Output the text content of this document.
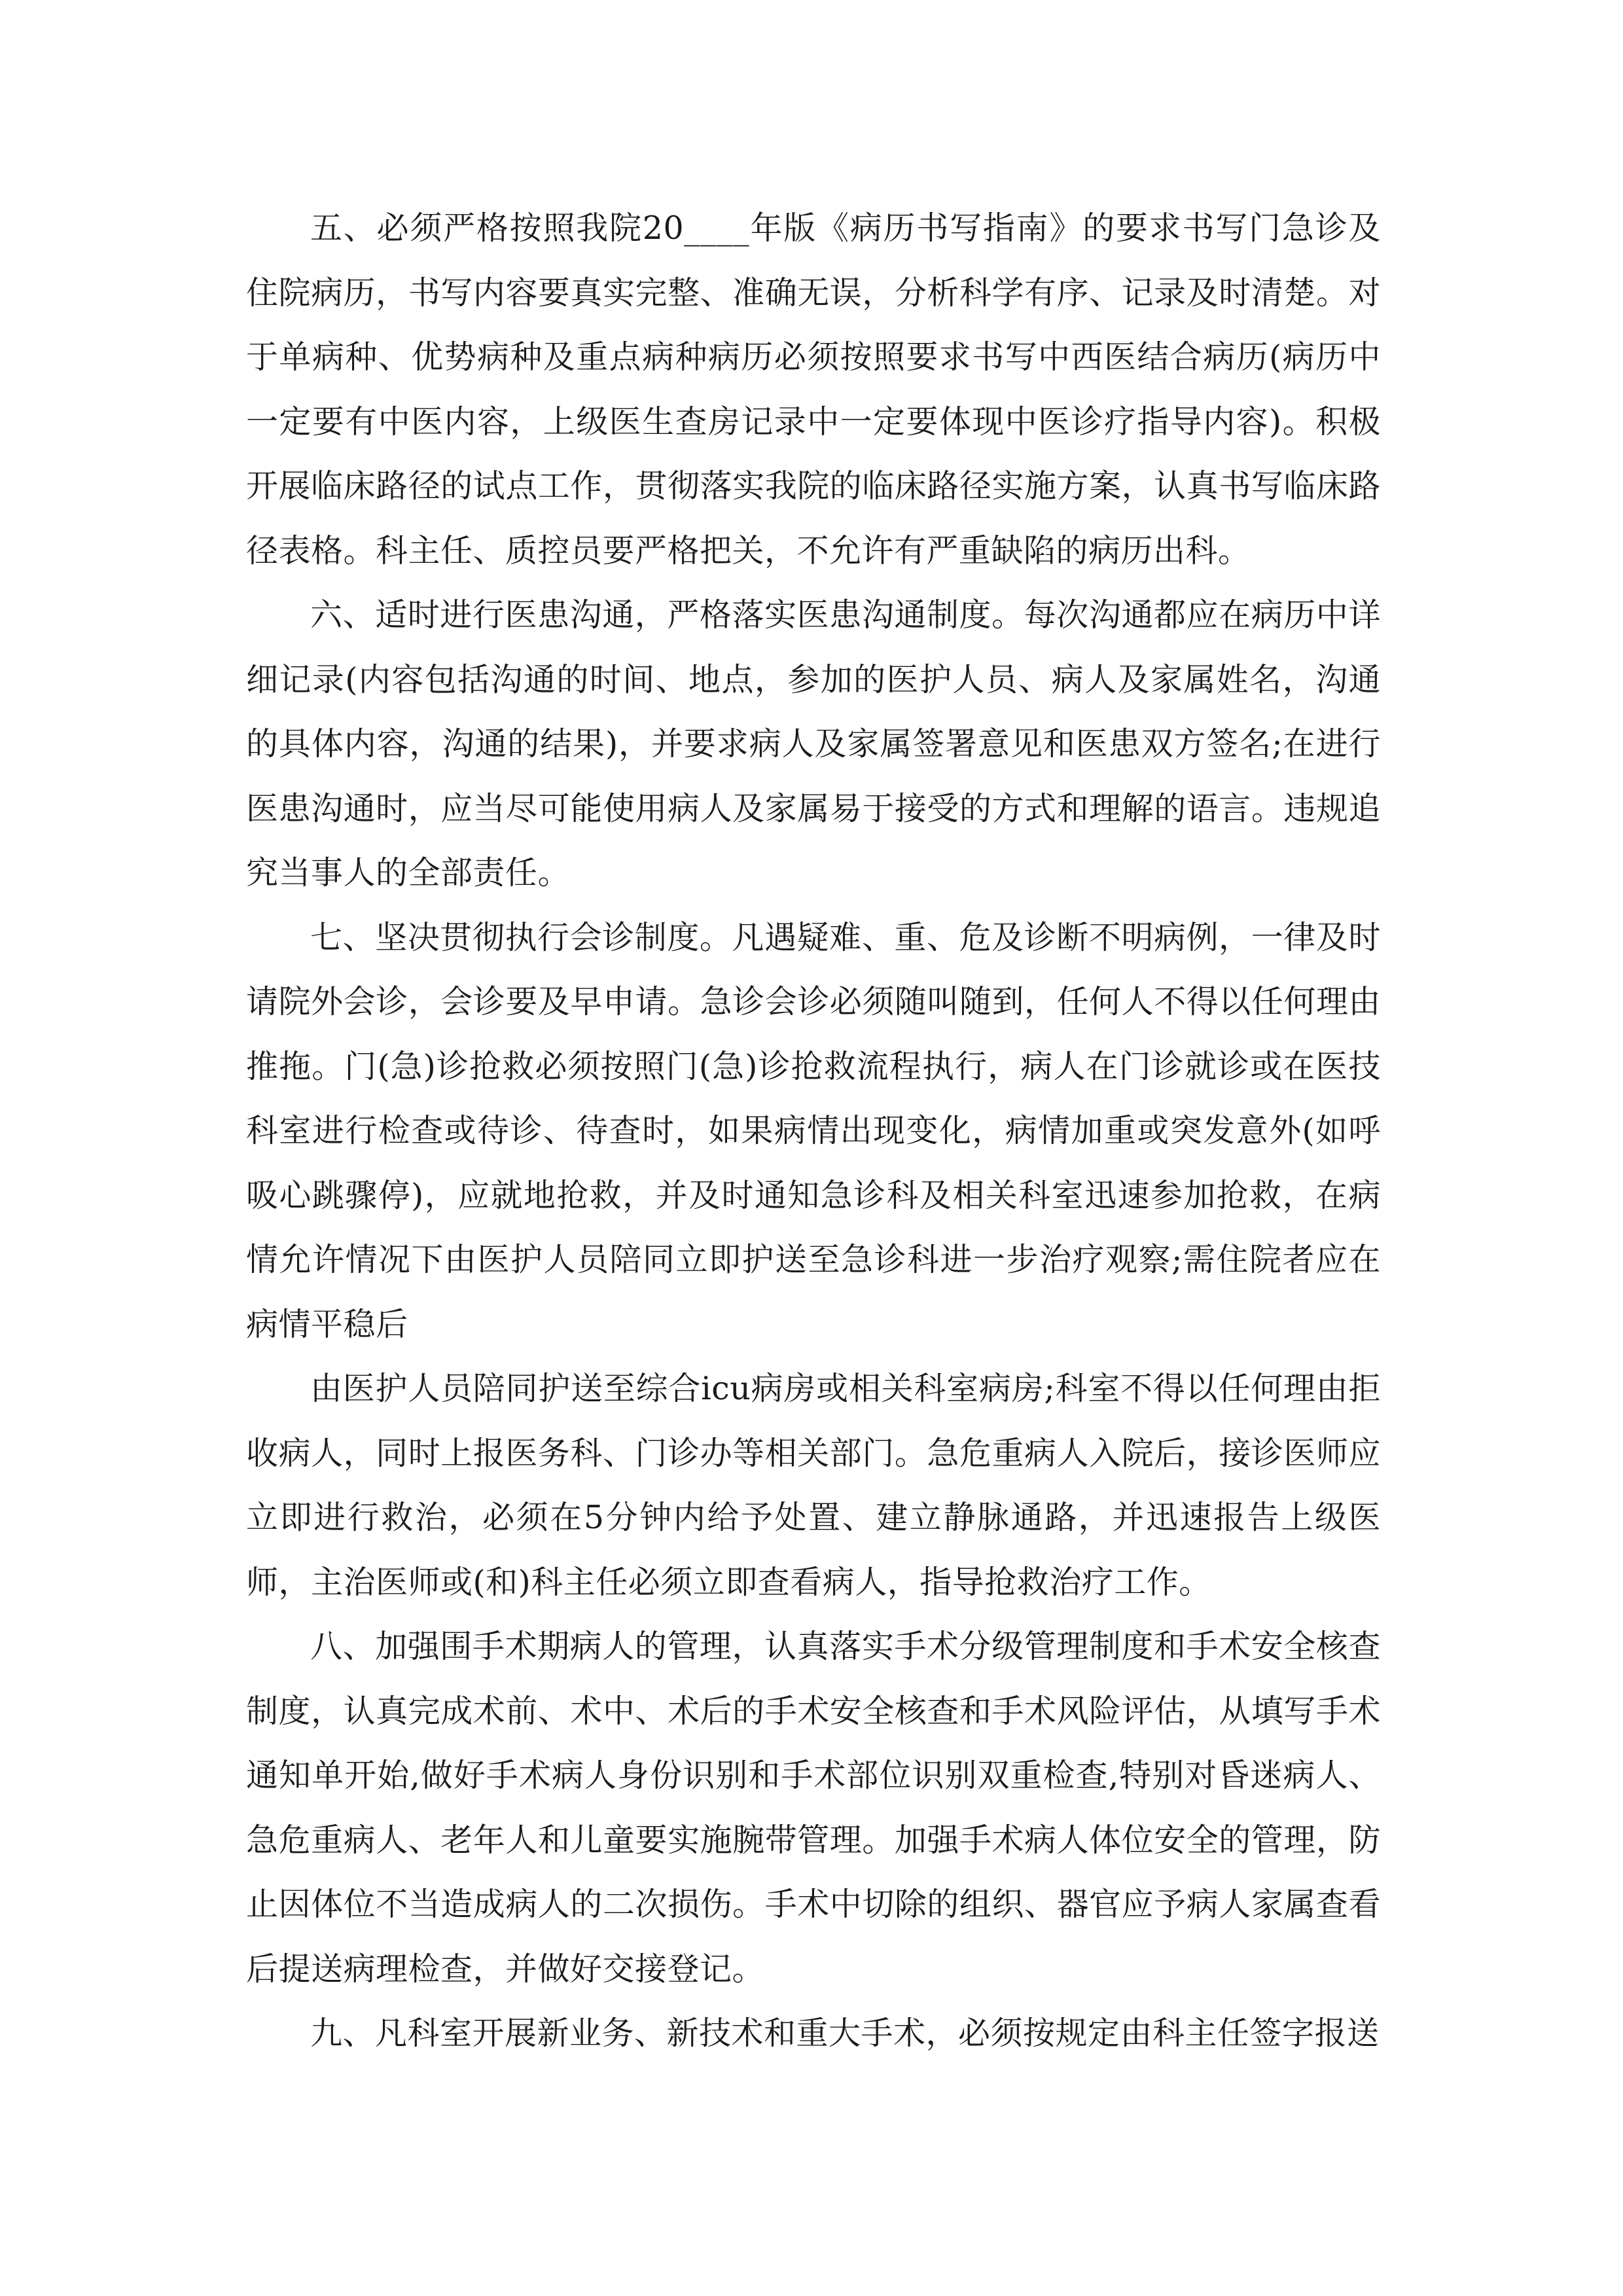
五、必须严格按照我院20____年版《病历书写指南》的要求书写门急诊及住院病历，书写内容要真实完整、准确无误，分析科学有序、记录及时清楚。对于单病种、优势病种及重点病种病历必须按照要求书写中西医结合病历(病历中一定要有中医内容，上级医生查房记录中一定要体现中医诊疗指导内容)。积极开展临床路径的试点工作，贯彻落实我院的临床路径实施方案，认真书写临床路径表格。科主任、质控员要严格把关，不允许有严重缺陷的病历出科。

六、适时进行医患沟通，严格落实医患沟通制度。每次沟通都应在病历中详细记录(内容包括沟通的时间、地点，参加的医护人员、病人及家属姓名，沟通的具体内容，沟通的结果)，并要求病人及家属签署意见和医患双方签名;在进行医患沟通时，应当尽可能使用病人及家属易于接受的方式和理解的语言。违规追究当事人的全部责任。

七、坚决贯彻执行会诊制度。凡遇疑难、重、危及诊断不明病例，一律及时请院外会诊，会诊要及早申请。急诊会诊必须随叫随到，任何人不得以任何理由推拖。门(急)诊抢救必须按照门(急)诊抢救流程执行，病人在门诊就诊或在医技科室进行检查或待诊、待查时，如果病情出现变化，病情加重或突发意外(如呼吸心跳骤停)，应就地抢救，并及时通知急诊科及相关科室迅速参加抢救，在病情允许情况下由医护人员陪同立即护送至急诊科进一步治疗观察;需住院者应在病情平稳后

由医护人员陪同护送至综合icu病房或相关科室病房;科室不得以任何理由拒收病人，同时上报医务科、门诊办等相关部门。急危重病人入院后，接诊医师应立即进行救治，必须在5分钟内给予处置、建立静脉通路，并迅速报告上级医师，主治医师或(和)科主任必须立即查看病人，指导抢救治疗工作。

八、加强围手术期病人的管理，认真落实手术分级管理制度和手术安全核查制度，认真完成术前、术中、术后的手术安全核查和手术风险评估，从填写手术通知单开始,做好手术病人身份识别和手术部位识别双重检查,特别对昏迷病人、急危重病人、老年人和儿童要实施腕带管理。加强手术病人体位安全的管理，防止因体位不当造成病人的二次损伤。手术中切除的组织、器官应予病人家属查看后提送病理检查，并做好交接登记。

九、凡科室开展新业务、新技术和重大手术，必须按规定由科主任签字报送
